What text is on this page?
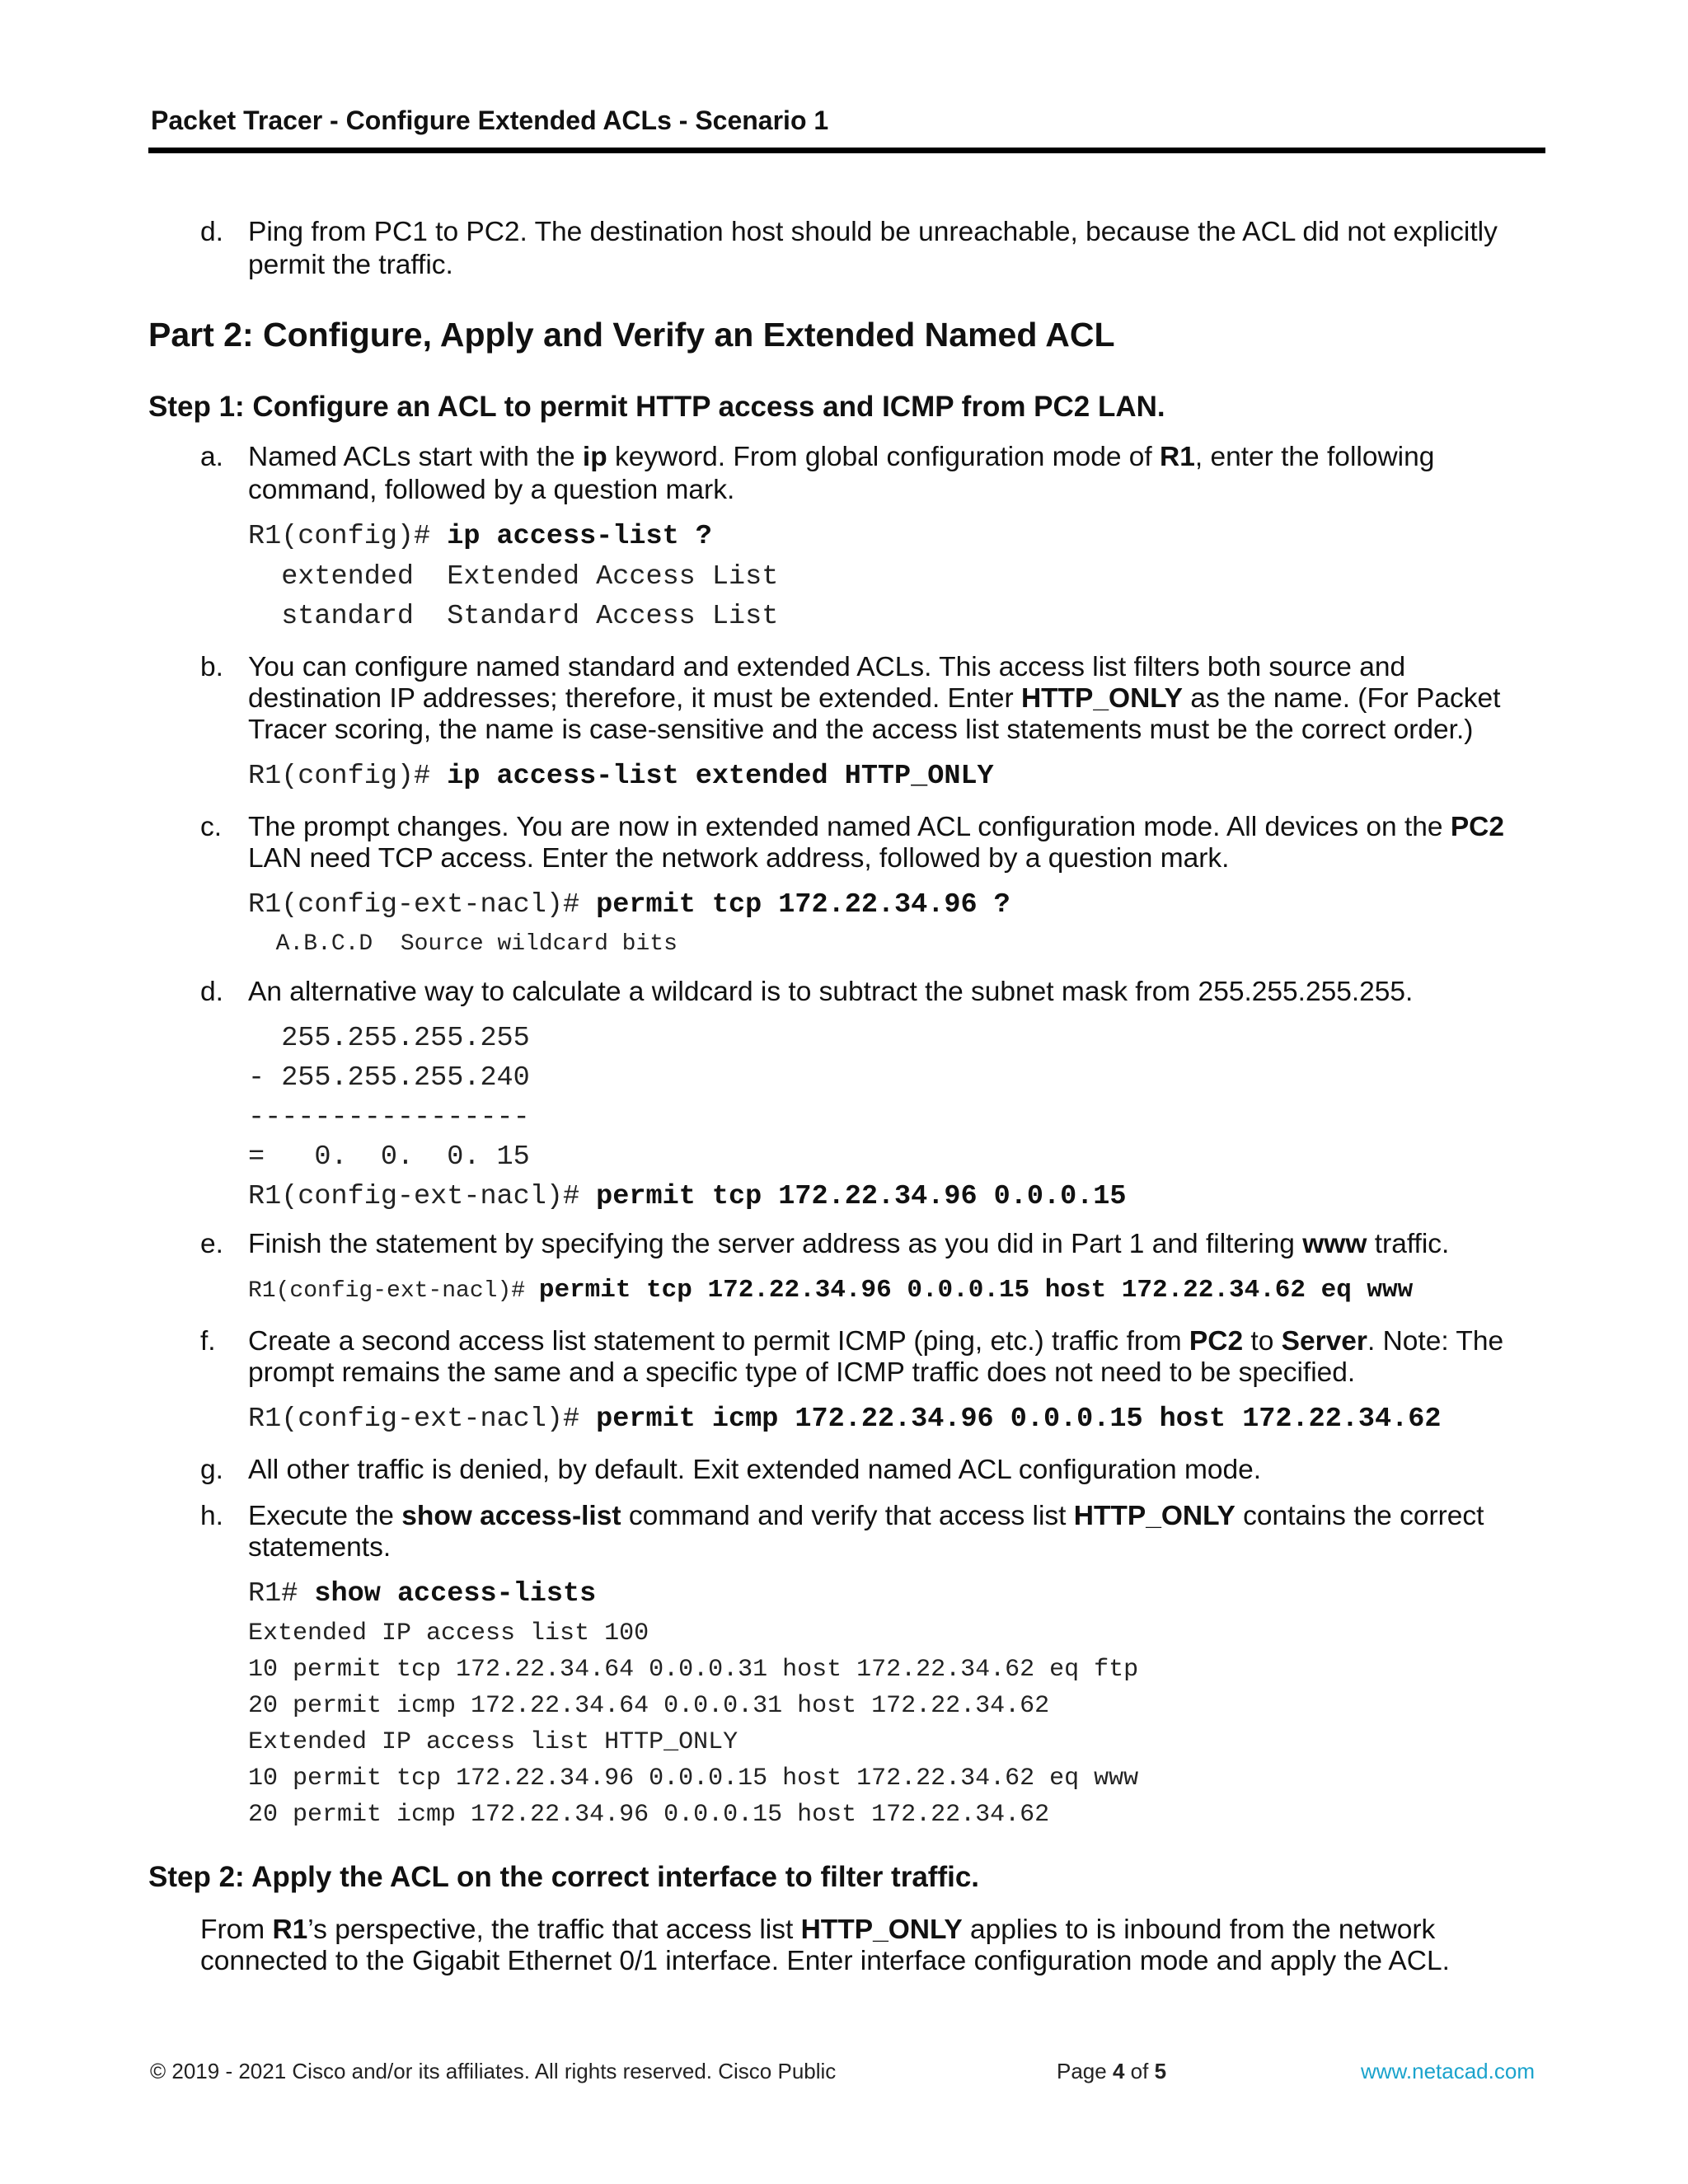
Packet Tracer - Configure Extended ACLs - Scenario 1
d. Ping from PC1 to PC2. The destination host should be unreachable, because the ACL did not explicitly
permit the traffic.
Part 2: Configure, Apply and Verify an Extended Named ACL
Step 1: Configure an ACL to permit HTTP access and ICMP from PC2 LAN.
a. Named ACLs start with the ip keyword. From global configuration mode of R1, enter the following
command, followed by a question mark.
R1(config)# ip access-list ?
extended  Extended Access List
standard  Standard Access List
b. You can configure named standard and extended ACLs. This access list filters both source and
destination IP addresses; therefore, it must be extended. Enter HTTP_ONLY as the name. (For Packet
Tracer scoring, the name is case-sensitive and the access list statements must be the correct order.)
R1(config)# ip access-list extended HTTP_ONLY
c. The prompt changes. You are now in extended named ACL configuration mode. All devices on the PC2
LAN need TCP access. Enter the network address, followed by a question mark.
R1(config-ext-nacl)# permit tcp 172.22.34.96 ?
A.B.C.D  Source wildcard bits
d. An alternative way to calculate a wildcard is to subtract the subnet mask from 255.255.255.255.
255.255.255.255
- 255.255.255.240
-----------------
=   0.  0.  0. 15
R1(config-ext-nacl)# permit tcp 172.22.34.96 0.0.0.15
e. Finish the statement by specifying the server address as you did in Part 1 and filtering www traffic.
R1(config-ext-nacl)# permit tcp 172.22.34.96 0.0.0.15 host 172.22.34.62 eq www
f. Create a second access list statement to permit ICMP (ping, etc.) traffic from PC2 to Server. Note: The
prompt remains the same and a specific type of ICMP traffic does not need to be specified.
R1(config-ext-nacl)# permit icmp 172.22.34.96 0.0.0.15 host 172.22.34.62
g. All other traffic is denied, by default. Exit extended named ACL configuration mode.
h. Execute the show access-list command and verify that access list HTTP_ONLY contains the correct
statements.
R1# show access-lists
Extended IP access list 100
10 permit tcp 172.22.34.64 0.0.0.31 host 172.22.34.62 eq ftp
20 permit icmp 172.22.34.64 0.0.0.31 host 172.22.34.62
Extended IP access list HTTP_ONLY
10 permit tcp 172.22.34.96 0.0.0.15 host 172.22.34.62 eq www
20 permit icmp 172.22.34.96 0.0.0.15 host 172.22.34.62
Step 2: Apply the ACL on the correct interface to filter traffic.
From R1’s perspective, the traffic that access list HTTP_ONLY applies to is inbound from the network
connected to the Gigabit Ethernet 0/1 interface. Enter interface configuration mode and apply the ACL.
© 2019 - 2021 Cisco and/or its affiliates. All rights reserved. Cisco Public	Page 4 of 5	www.netacad.com
